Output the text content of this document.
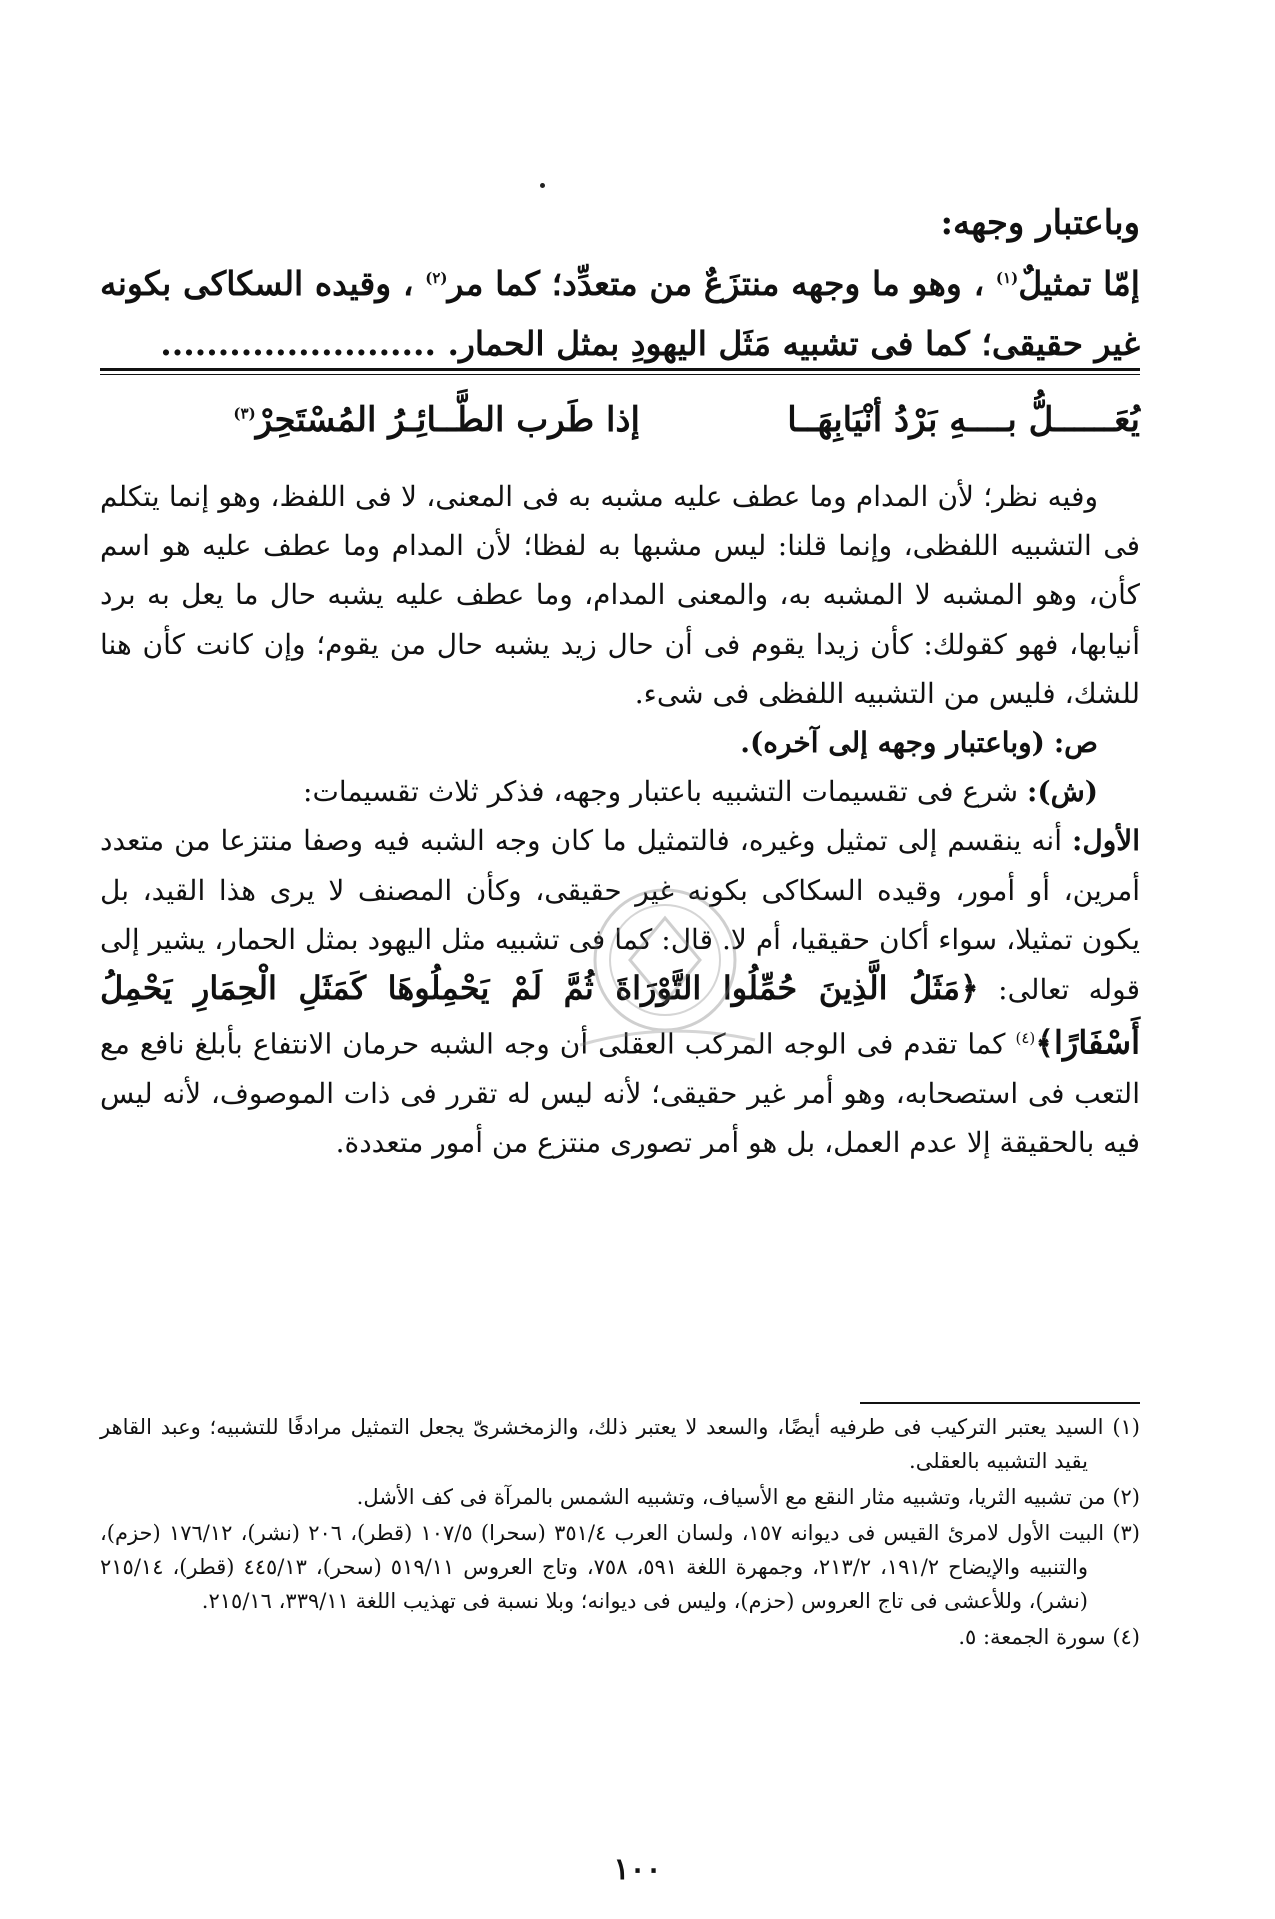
وباعتبار وجهه:
إمّا تمثيلٌ$^{(١)}$ ، وهو ما وجهه منتزَعٌ من متعدِّد؛ كما مر$^{(٢)}$ ، وقيده السكاكى بكونه غير حقيقى؛ كما فى تشبيه مَثَل اليهودِ بمثل الحمار. ........................
يُعَــــــلُّ بــــهِ بَرْدُ أنْيَابِهَــا
إذا طَرب الطَّــائِـرُ المُسْتَحِرْ$^{(٣)}$

وفيه نظر؛ لأن المدام وما عطف عليه مشبه به فى المعنى، لا فى اللفظ، وهو إنما يتكلم فى التشبيه اللفظى، وإنما قلنا: ليس مشبها به لفظا؛ لأن المدام وما عطف عليه هو اسم كأن، وهو المشبه لا المشبه به، والمعنى المدام، وما عطف عليه يشبه حال ما يعل به برد أنيابها، فهو كقولك: كأن زيدا يقوم فى أن حال زيد يشبه حال من يقوم؛ وإن كانت كأن هنا للشك، فليس من التشبيه اللفظى فى شىء.

ص: (وباعتبار وجهه إلى آخره).

(ش): شرع فى تقسيمات التشبيه باعتبار وجهه، فذكر ثلاث تقسيمات:

الأول: أنه ينقسم إلى تمثيل وغيره، فالتمثيل ما كان وجه الشبه فيه وصفا منتزعا من متعدد أمرين، أو أمور، وقيده السكاكى بكونه غير حقيقى، وكأن المصنف لا يرى هذا القيد، بل يكون تمثيلا، سواء أكان حقيقيا، أم لا. قال: كما فى تشبيه مثل اليهود بمثل الحمار، يشير إلى قوله تعالى: ﴿مَثَلُ الَّذِينَ حُمِّلُوا التَّوْرَاةَ ثُمَّ لَمْ يَحْمِلُوهَا كَمَثَلِ الْحِمَارِ يَحْمِلُ أَسْفَارًا﴾$^{(٤)}$ كما تقدم فى الوجه المركب العقلى أن وجه الشبه حرمان الانتفاع بأبلغ نافع مع التعب فى استصحابه، وهو أمر غير حقيقى؛ لأنه ليس له تقرر فى ذات الموصوف، لأنه ليس فيه بالحقيقة إلا عدم العمل، بل هو أمر تصورى منتزع من أمور متعددة.

(١) السيد يعتبر التركيب فى طرفيه أيضًا، والسعد لا يعتبر ذلك، والزمخشرىّ يجعل التمثيل مرادفًا للتشبيه؛ وعبد القاهر يقيد التشبيه بالعقلى.

(٢) من تشبيه الثريا، وتشبيه مثار النقع مع الأسياف، وتشبيه الشمس بالمرآة فى كف الأشل.

(٣) البيت الأول لامرئ القيس فى ديوانه ١٥٧، ولسان العرب ٣٥١/٤ (سحرا) ١٠٧/٥ (قطر)، ٢٠٦ (نشر)، ١٧٦/١٢ (حزم)، والتنبيه والإيضاح ١٩١/٢، ٢١٣/٢، وجمهرة اللغة ٥٩١، ٧٥٨، وتاج العروس ٥١٩/١١ (سحر)، ٤٤٥/١٣ (قطر)، ٢١٥/١٤ (نشر)، وللأعشى فى تاج العروس (حزم)، وليس فى ديوانه؛ وبلا نسبة فى تهذيب اللغة ٣٣٩/١١، ٢١٥/١٦.

(٤) سورة الجمعة: ٥.

١٠٠
